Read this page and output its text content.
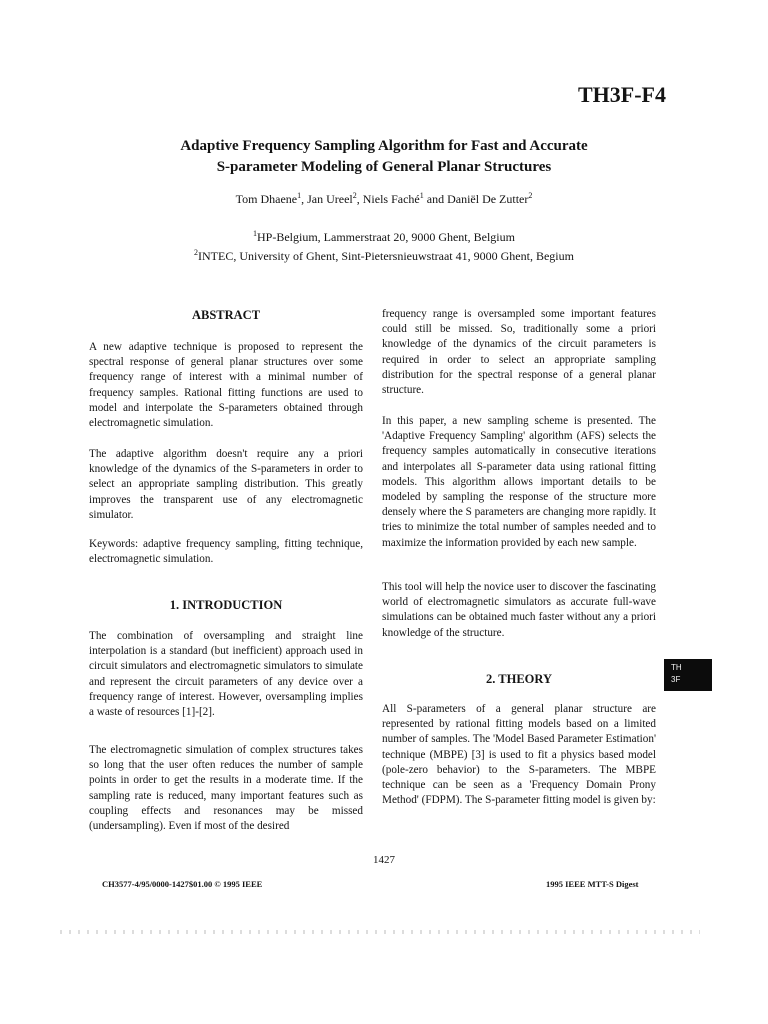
TH3F-F4
Adaptive Frequency Sampling Algorithm for Fast and Accurate
S-parameter Modeling of General Planar Structures
Tom Dhaene$^1$, Jan Ureel$^2$, Niels Faché$^1$ and Daniël De Zutter$^2$
$^1$HP-Belgium, Lammerstraat 20, 9000 Ghent, Belgium
$^2$INTEC, University of Ghent, Sint-Pietersnieuwstraat 41, 9000 Ghent, Begium
ABSTRACT

A new adaptive technique is proposed to represent the spectral response of general planar structures over some frequency range of interest with a minimal number of frequency samples. Rational fitting functions are used to model and interpolate the S-parameters obtained through electromagnetic simulation.

The adaptive algorithm doesn't require any a priori knowledge of the dynamics of the S-parameters in order to select an appropriate sampling distribution. This greatly improves the transparent use of any electromagnetic simulator.

Keywords: adaptive frequency sampling, fitting technique, electromagnetic simulation.

1. INTRODUCTION

The combination of oversampling and straight line interpolation is a standard (but inefficient) approach used in circuit simulators and electromagnetic simulators to simulate and represent the circuit parameters of any device over a frequency range of interest. However, oversampling implies a waste of resources [1]-[2].

The electromagnetic simulation of complex structures takes so long that the user often reduces the number of sample points in order to get the results in a moderate time. If the sampling rate is reduced, many important features such as coupling effects and resonances may be missed (undersampling). Even if most of the desired

frequency range is oversampled some important features could still be missed. So, traditionally some a priori knowledge of the dynamics of the circuit parameters is required in order to select an appropriate sampling distribution for the spectral response of a general planar structure.

In this paper, a new sampling scheme is presented. The 'Adaptive Frequency Sampling' algorithm (AFS) selects the frequency samples automatically in consecutive iterations and interpolates all S-parameter data using rational fitting models. This algorithm allows important details to be modeled by sampling the response of the structure more densely where the S parameters are changing more rapidly. It tries to minimize the total number of samples needed and to maximize the information provided by each new sample.

This tool will help the novice user to discover the fascinating world of electromagnetic simulators as accurate full-wave simulations can be obtained much faster without any a priori knowledge of the structure.

2. THEORY

All S-parameters of a general planar structure are represented by rational fitting models based on a limited number of samples. The 'Model Based Parameter Estimation' technique (MBPE) [3] is used to fit a physics based model (pole-zero behavior) to the S-parameters. The MBPE technique can be seen as a 'Frequency Domain Prony Method' (FDPM). The S-parameter fitting model is given by:

TH
3F
1427
CH3577-4/95/0000-1427$01.00 © 1995 IEEE	1995 IEEE MTT-S Digest
